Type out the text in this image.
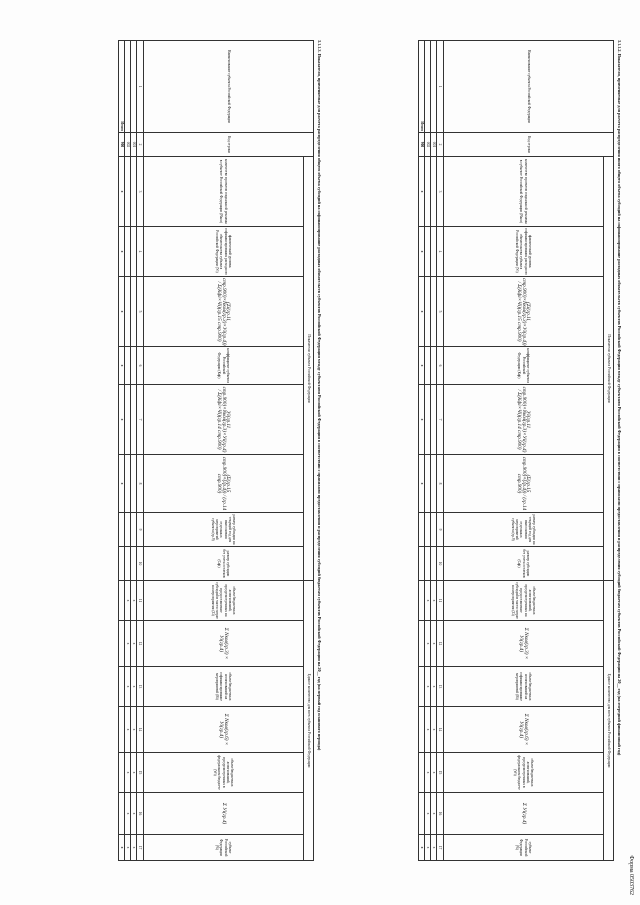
Форма 0503762
3.1.1.2. Показатели, применяемые для расчета распределения иного общего объема субсидий на софинансирование расходных обязательств субъектов Российской Федерации между субъектами Российской Федерации в соответствии с правилами предоставления и распределения субсидий бюджетам субъектов Российской Федерации на 20__ год (на очередной финансовый год)
Наименование субъекта Российской Федерации	Код строки	Показатели субъекта Российской Федерации								Единое количество для всех субъекта Российской Федерации						
		количество проектов социальной рекламы в субъекте Российской Федерации (Nкол)	фактический уровень софинансирования расходного обязательства субъекта Российской Федерации (Уi)	(Σi(гр.11 стр.900)×Nкол(гр.3)×Уi(гр.4)) / Σ(Кфi×Чi)(гр.15 стр.900)	коэффициент субъекта Российской Федерации (Кфi)	Уi(гр.11 стр.900)×Nкол(гр.3)×Уi(гр.4) / Σ(Кфi×Чi)(гр.14 стр.900)	(Σ(гр.15 стр.900)×(гр.4)) / (гр.14 стр.900)	размер субсидии на текущий год для выполнения отдельных мероприятий субъекта (гр.9)	размер субсидии без учета остатков (Сфi)	объем бюджетных ассигнований, предусмотренных на предоставление субсидий в части затрат на мероприятия (Zi)	Σ Nкол(гр.3) × Уi(гр.4)	объем бюджетных ассигнований на софинансирование мероприятий (Ri)	Σ Nкол(гр.6) × Уi(гр.4)	объем бюджетных ассигнований, предусмотренных в федеральном бюджете (Wi)	Σ Уi(гр.4)	субъект Российской Федерации (%)
1	2	3	4	5	6	7	8	9	10	11	12	13	14	15	16	17
	001									x	x	x	x	x	x	x
	002									x	x	x	x	x	x	x
Итого	900	x	x	x	x	x	x									x
3.1.1.3. Показатели, применяемые для расчета распределения общего объема субсидий на софинансирование расходных обязательств субъектов Российской Федерации между субъектами Российской Федерации в соответствии с правилами предоставления и распределения субсидий бюджетам субъектов Российской Федерации на 20__ год (на первый год планового периода)
Наименование субъекта Российской Федерации	Код строки	Показатели субъекта Российской Федерации								Единое количество для всех субъекта Российской Федерации						
		количество проектов социальной рекламы в субъекте Российской Федерации (Nкол)	фактический уровень софинансирования расходного обязательства субъекта Российской Федерации (Уi)	(Σi(гр.11 стр.900)×Nкол(гр.3)×Уi(гр.4)) / Σ(Кфi×Чi)(гр.15 стр.900)	коэффициент субъекта Российской Федерации (Кфi)	Уi(гр.11 стр.900)×Nкол(гр.3)×Уi(гр.4) / Σ(Кфi×Чi)(гр.14 стр.900)	(Σ(гр.15 стр.900)×(гр.4)) / (гр.14 стр.900)	размер субсидии на текущий год для выполнения отдельных мероприятий субъекта (гр.9)	размер субсидии без учета остатков (Сфi)	объем бюджетных ассигнований, предусмотренных на предоставление субсидий в части затрат на мероприятия (Zi)	Σ Nкол(гр.3) × Уi(гр.4)	объем бюджетных ассигнований на софинансирование мероприятий (Ri)	Σ Nкол(гр.6) × Уi(гр.4)	объем бюджетных ассигнований, предусмотренных в федеральном бюджете (Wi)	Σ Уi(гр.4)	субъект Российской Федерации (%)
1	2	3	4	5	6	7	8	9	10	11	12	13	14	15	16	17
	001									x	x	x	x	x	x	x
	002									x	x	x	x	x	x	x
Итого	900	x	x	x	x	x	x									x
